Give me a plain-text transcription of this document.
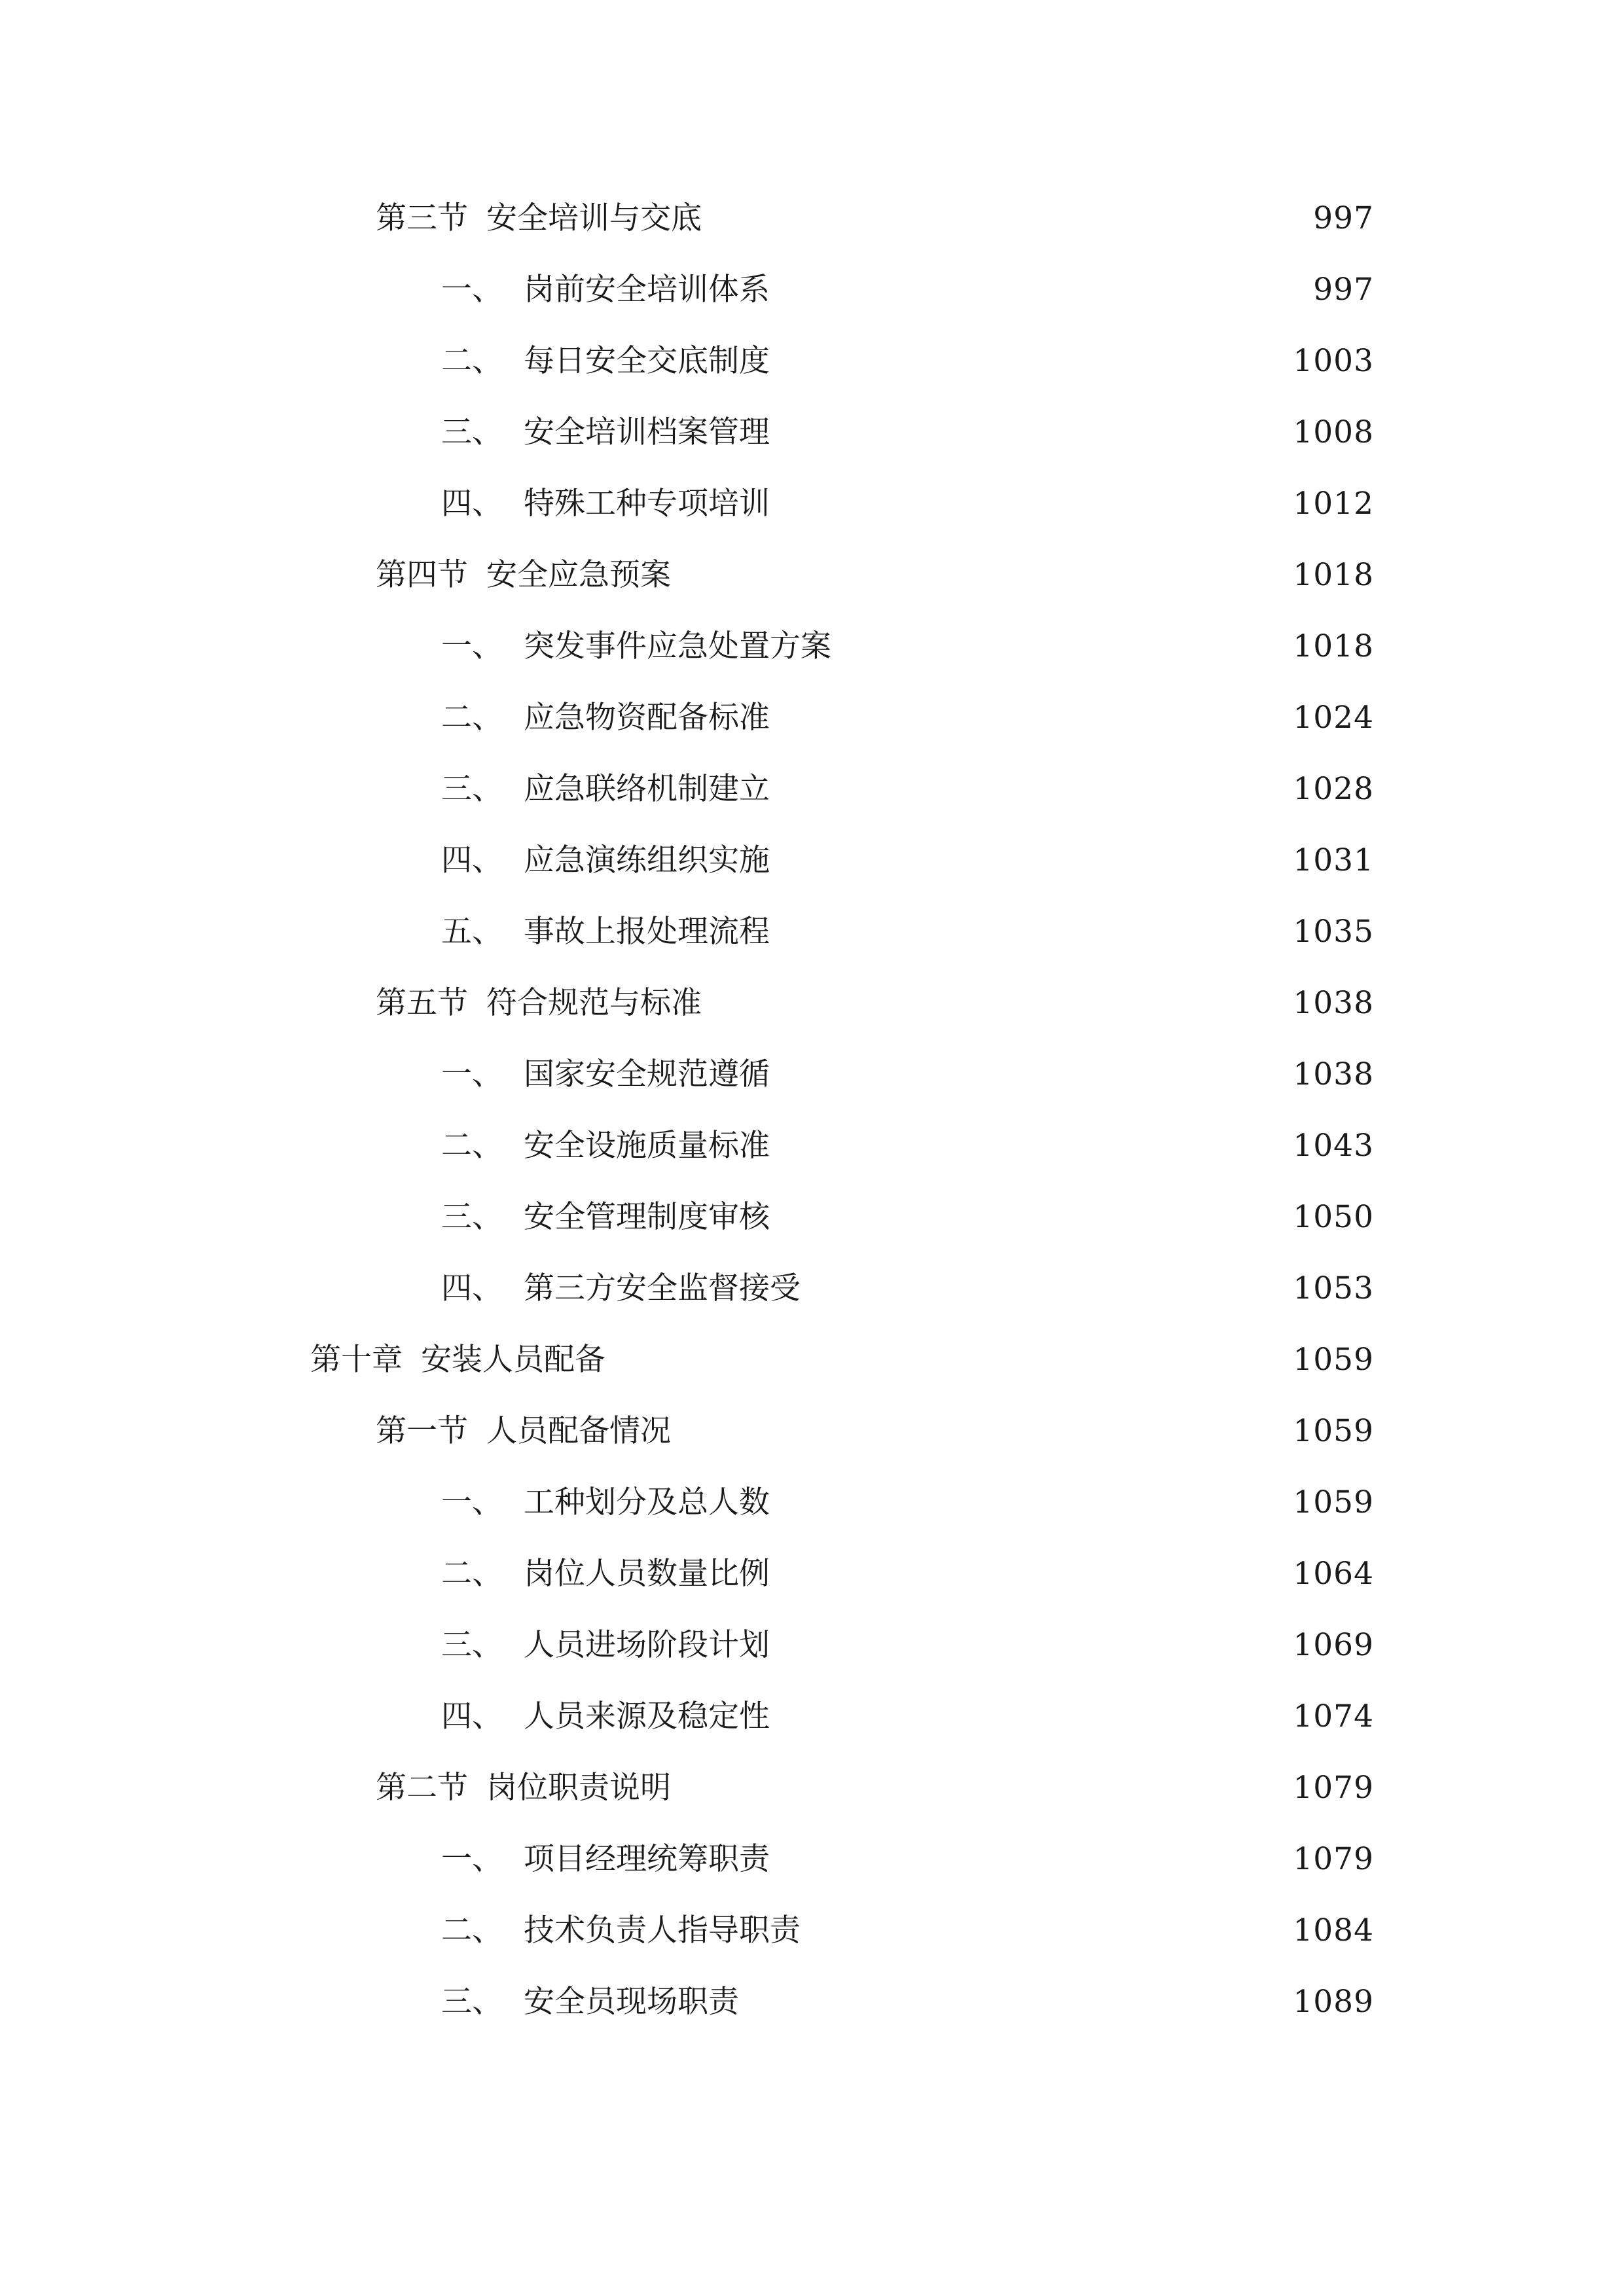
第三节 安全培训与交底	997
一、 岗前安全培训体系	997
二、 每日安全交底制度	1003
三、 安全培训档案管理	1008
四、 特殊工种专项培训	1012
第四节 安全应急预案	1018
一、 突发事件应急处置方案	1018
二、 应急物资配备标准	1024
三、 应急联络机制建立	1028
四、 应急演练组织实施	1031
五、 事故上报处理流程	1035
第五节 符合规范与标准	1038
一、 国家安全规范遵循	1038
二、 安全设施质量标准	1043
三、 安全管理制度审核	1050
四、 第三方安全监督接受	1053
第十章 安装人员配备	1059
第一节 人员配备情况	1059
一、 工种划分及总人数	1059
二、 岗位人员数量比例	1064
三、 人员进场阶段计划	1069
四、 人员来源及稳定性	1074
第二节 岗位职责说明	1079
一、 项目经理统筹职责	1079
二、 技术负责人指导职责	1084
三、 安全员现场职责	1089
